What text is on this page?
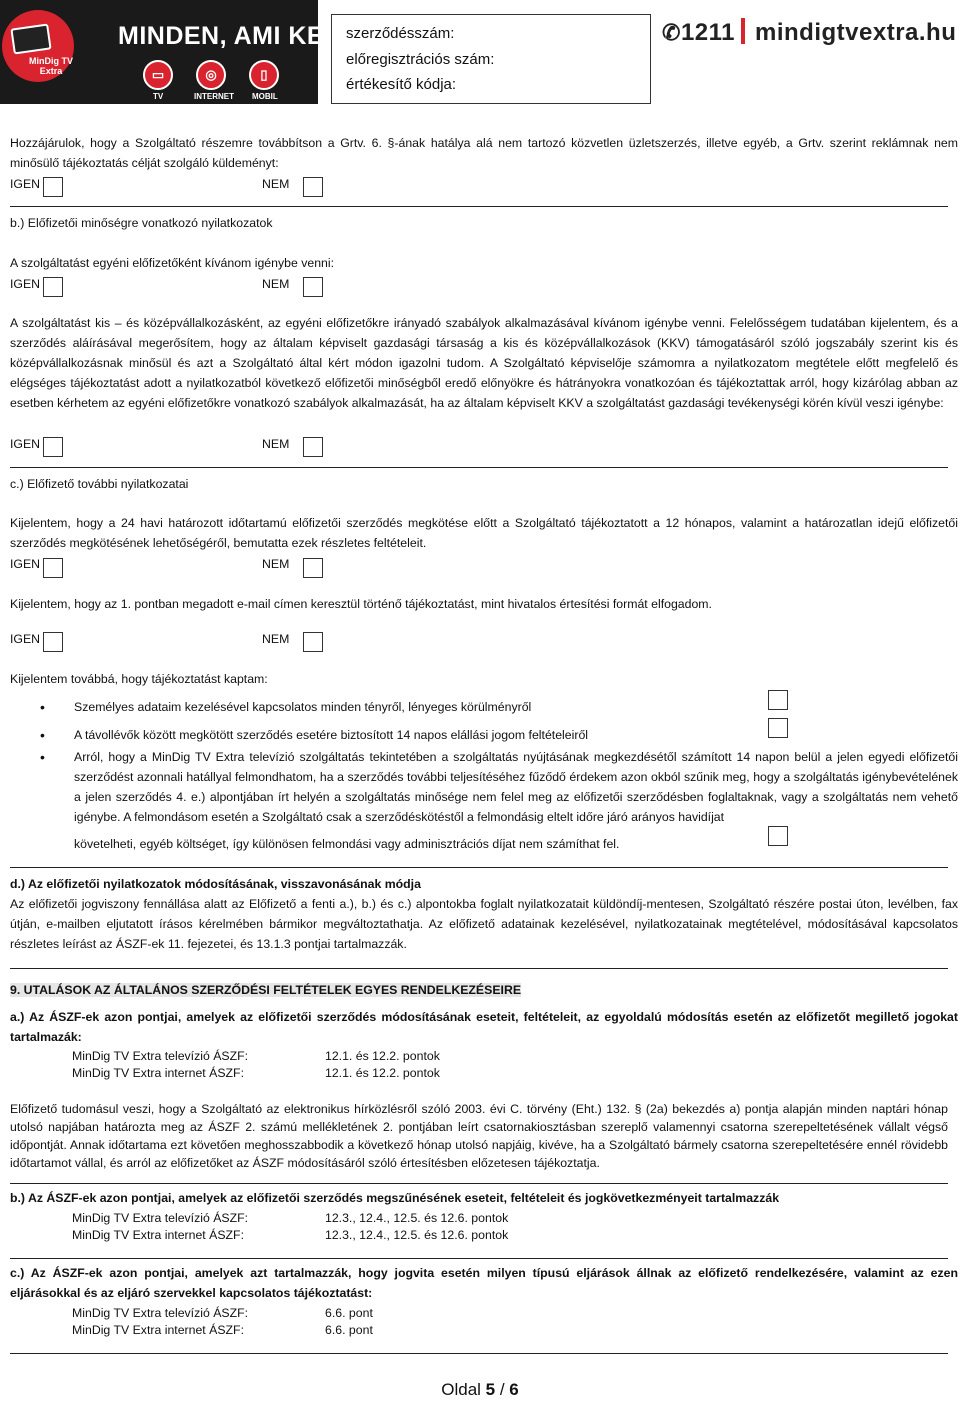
MinDig TV Extra
MINDEN, AMI KELL
▭	◎	▯
TV	INTERNET MOBIL
szerződésszám:
előregisztrációs szám:
értékesítő kódja:
✆1211 mindigtvextra.hu
Hozzájárulok, hogy a Szolgáltató részemre továbbítson a Grtv. 6. §-ának hatálya alá nem tartozó közvetlen üzletszerzés, illetve egyéb, a Grtv. szerint reklámnak nem minősülő tájékoztatás célját szolgáló küldeményt:
IGEN	NEM
b.) Előfizetői minőségre vonatkozó nyilatkozatok
A szolgáltatást egyéni előfizetőként kívánom igénybe venni:
IGEN	NEM
A szolgáltatást kis – és középvállalkozásként, az egyéni előfizetőkre irányadó szabályok alkalmazásával kívánom igénybe venni. Felelősségem tudatában kijelentem, és a szerződés aláírásával megerősítem, hogy az általam képviselt gazdasági társaság a kis és középvállalkozások (KKV) támogatásáról szóló jogszabály szerint kis és középvállalkozásnak minősül és azt a Szolgáltató által kért módon igazolni tudom. A Szolgáltató képviselője számomra a nyilatkozatom megtétele előtt megfelelő és elégséges tájékoztatást adott a nyilatkozatból következő előfizetői minőségből eredő előnyökre és hátrányokra vonatkozóan és tájékoztattak arról, hogy kizárólag abban az esetben kérhetem az egyéni előfizetőkre vonatkozó szabályok alkalmazását, ha az általam képviselt KKV a szolgáltatást gazdasági tevékenységi körén kívül veszi igénybe:
IGEN	NEM
c.) Előfizető további nyilatkozatai
Kijelentem, hogy a 24 havi határozott időtartamú előfizetői szerződés megkötése előtt a Szolgáltató tájékoztatott a 12 hónapos, valamint a határozatlan idejű előfizetői szerződés megkötésének lehetőségéről, bemutatta ezek részletes feltételeit.
IGEN	NEM
Kijelentem, hogy az 1. pontban megadott e-mail címen keresztül történő tájékoztatást, mint hivatalos értesítési formát elfogadom.
IGEN	NEM
Kijelentem továbbá, hogy tájékoztatást kaptam:
• Személyes adataim kezelésével kapcsolatos minden tényről, lényeges körülményről
• A távollévők között megkötött szerződés esetére biztosított 14 napos elállási jogom feltételeiről
• Arról, hogy a MinDig TV Extra televízió szolgáltatás tekintetében a szolgáltatás nyújtásának megkezdésétől számított 14 napon belül a jelen egyedi előfizetői szerződést azonnali hatállyal felmondhatom, ha a szerződés további teljesítéséhez fűződő érdekem azon okból szűnik meg, hogy a szolgáltatás igénybevételének a jelen szerződés 4. e.) alpontjában írt helyén a szolgáltatás minősége nem felel meg az előfizetői szerződésben foglaltaknak, vagy a szolgáltatás nem vehető igénybe. A felmondásom esetén a Szolgáltató csak a szerződéskötéstől a felmondásig eltelt időre járó arányos havidíjat
követelheti, egyéb költséget, így különösen felmondási vagy adminisztrációs díjat nem számíthat fel.
d.) Az előfizetői nyilatkozatok módosításának, visszavonásának módja
Az előfizetői jogviszony fennállása alatt az Előfizető a fenti a.), b.) és c.) alpontokba foglalt nyilatkozatait küldöndíj-mentesen, Szolgáltató részére postai úton, levélben, fax útján, e-mailben eljutatott írásos kérelmében bármikor megváltoztathatja. Az előfizető adatainak kezelésével, nyilatkozatainak megtételével, módosításával kapcsolatos részletes leírást az ÁSZF-ek 11. fejezetei, és 13.1.3 pontjai tartalmazzák.
9. UTALÁSOK AZ ÁLTALÁNOS SZERZŐDÉSI FELTÉTELEK EGYES RENDELKEZÉSEIRE
a.) Az ÁSZF-ek azon pontjai, amelyek az előfizetői szerződés módosításának eseteit, feltételeit, az egyoldalú módosítás esetén az előfizetőt megillető jogokat tartalmazák:
MinDig TV Extra televízió ÁSZF:	12.1. és 12.2. pontok
MinDig TV Extra internet ÁSZF:	12.1. és 12.2. pontok
Előfizető tudomásul veszi, hogy a Szolgáltató az elektronikus hírközlésről szóló 2003. évi C. törvény (Eht.) 132. § (2a) bekezdés a) pontja alapján minden naptári hónap utolsó napjában határozta meg az ÁSZF 2. számú mellékletének 2. pontjában leírt csatornakiosztásban szereplő valamennyi csatorna szerepeltetésének vállalt végső időpontját. Annak időtartama ezt követően meghosszabbodik a következő hónap utolsó napjáig, kivéve, ha a Szolgáltató bármely csatorna szerepeltetésére ennél rövidebb időtartamot vállal, és arról az előfizetőket az ÁSZF módosításáról szóló értesítésben előzetesen tájékoztatja.
b.) Az ÁSZF-ek azon pontjai, amelyek az előfizetői szerződés megszűnésének eseteit, feltételeit és jogkövetkezményeit tartalmazzák
MinDig TV Extra televízió ÁSZF:	12.3., 12.4., 12.5. és 12.6. pontok
MinDig TV Extra internet ÁSZF:	12.3., 12.4., 12.5. és 12.6. pontok
c.) Az ÁSZF-ek azon pontjai, amelyek azt tartalmazzák, hogy jogvita esetén milyen típusú eljárások állnak az előfizető rendelkezésére, valamint az ezen eljárásokkal és az eljáró szervekkel kapcsolatos tájékoztatást:
MinDig TV Extra televízió ÁSZF:	6.6. pont
MinDig TV Extra internet ÁSZF:	6.6. pont
Oldal 5 / 6
